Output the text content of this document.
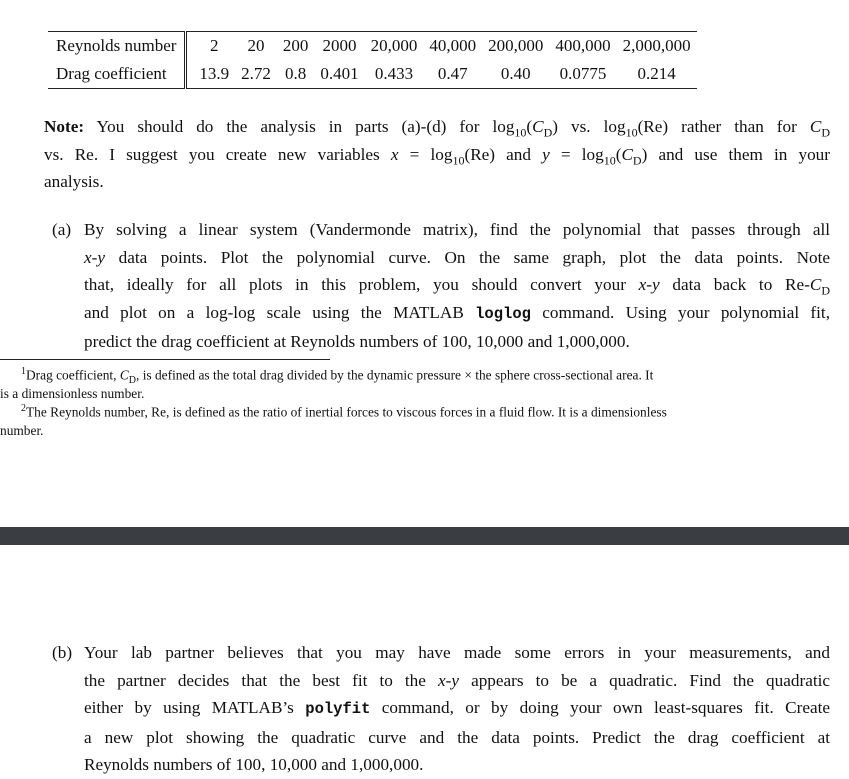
Reynolds number		2	20	200	2000	20,000	40,000	200,000	400,000	2,000,000
Drag coefficient		13.9	2.72	0.8	0.401	0.433	0.47	0.40	0.0775	0.214
Note: You should do the analysis in parts (a)-(d) for $\log_{10}(C_D)$ vs. $\log_{10}(Re)$ rather than for $C_D$
vs. Re. I suggest you create new variables $x = \log_{10}(Re)$ and $y = \log_{10}(C_D)$ and use them in your
analysis.
(a) By solving a linear system (Vandermonde matrix), find the polynomial that passes through all
x-y data points. Plot the polynomial curve. On the same graph, plot the data points. Note
that, ideally for all plots in this problem, you should convert your x-y data back to $Re-C_D$
and plot on a log-log scale using the MATLAB loglog command. Using your polynomial fit,
predict the drag coefficient at Reynolds numbers of 100, 10,000 and 1,000,000.
$^1$Drag coefficient, $C_D$, is defined as the total drag divided by the dynamic pressure × the sphere cross-sectional area. It
is a dimensionless number.
$^2$The Reynolds number, Re, is defined as the ratio of inertial forces to viscous forces in a fluid flow. It is a dimensionless
number.
(b) Your lab partner believes that you may have made some errors in your measurements, and
the partner decides that the best fit to the x-y appears to be a quadratic. Find the quadratic
either by using MATLAB’s polyfit command, or by doing your own least-squares fit. Create
a new plot showing the quadratic curve and the data points. Predict the drag coefficient at
Reynolds numbers of 100, 10,000 and 1,000,000.
